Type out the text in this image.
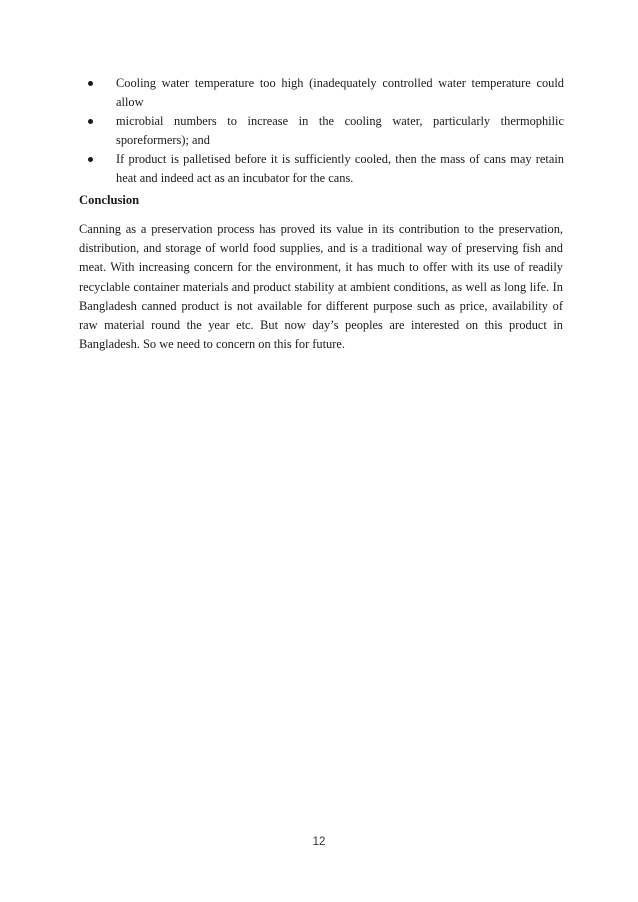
Cooling water temperature too high (inadequately controlled water temperature could allow
microbial numbers to increase in the cooling water, particularly thermophilic sporeformers); and
If product is palletised before it is sufficiently cooled, then the mass of cans may retain heat and indeed act as an incubator for the cans.
Conclusion

Canning as a preservation process has proved its value in its contribution to the preservation, distribution, and storage of world food supplies, and is a traditional way of preserving fish and meat. With increasing concern for the environment, it has much to offer with its use of readily recyclable container materials and product stability at ambient conditions, as well as long life. In Bangladesh canned product is not available for different purpose such as price, availability of raw material round the year etc. But now day’s peoples are interested on this product in Bangladesh. So we need to concern on this for future.

12
